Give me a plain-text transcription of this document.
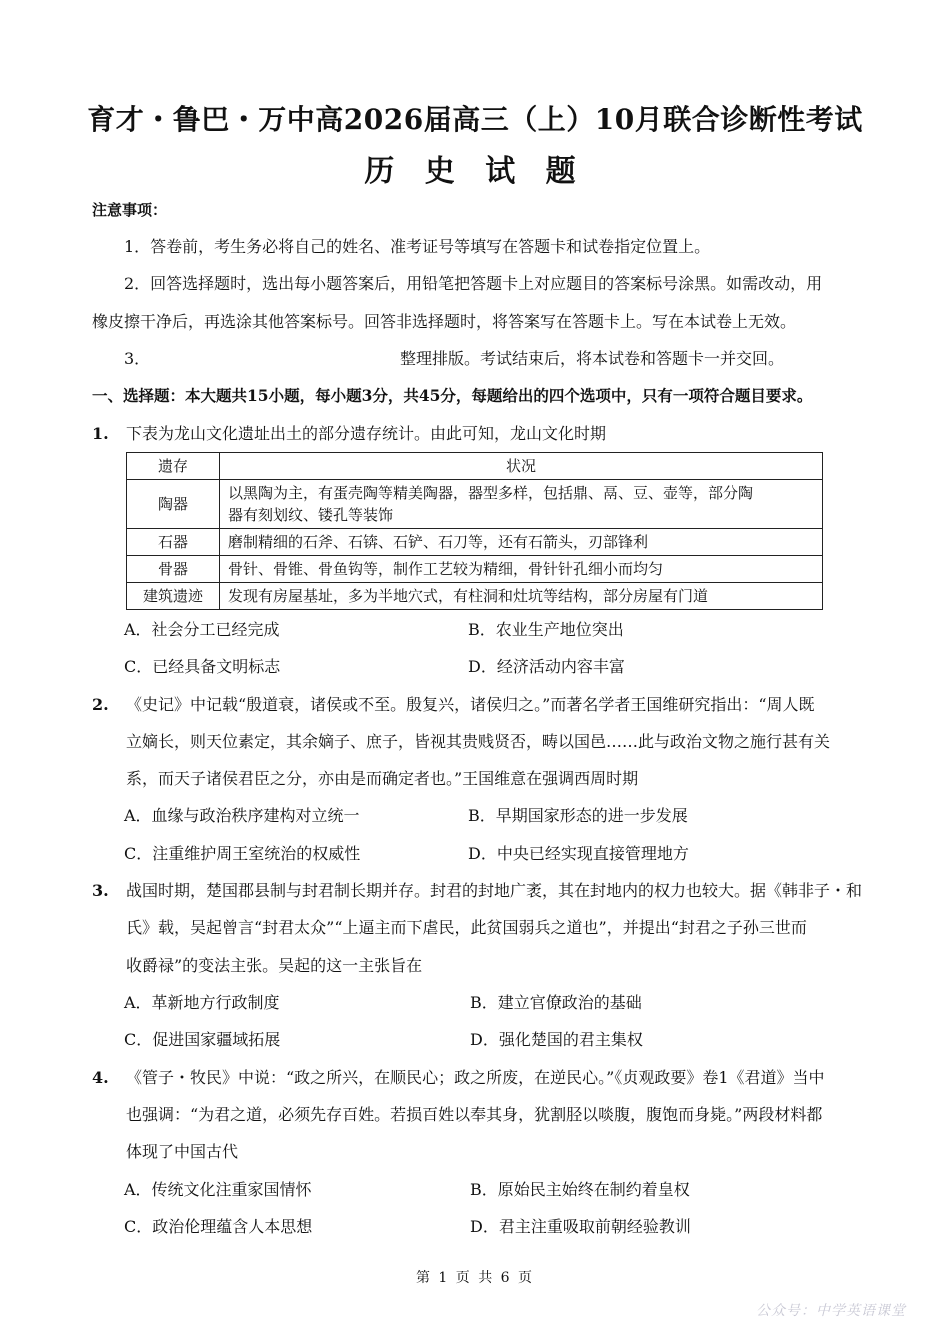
育才・鲁巴・万中高2026届高三（上）10月联合诊断性考试
历 史 试 题
注意事项：
1．答卷前，考生务必将自己的姓名、准考证号等填写在答题卡和试卷指定位置上。
2．回答选择题时，选出每小题答案后，用铅笔把答题卡上对应题目的答案标号涂黑。如需改动，用
橡皮擦干净后，再选涂其他答案标号。回答非选择题时，将答案写在答题卡上。写在本试卷上无效。
3．	整理排版。考试结束后，将本试卷和答题卡一并交回。
一、选择题：本大题共15小题，每小题3分，共45分，每题给出的四个选项中，只有一项符合题目要求。
1. 下表为龙山文化遗址出土的部分遗存统计。由此可知，龙山文化时期
遗存	状况
陶器	以黑陶为主，有蛋壳陶等精美陶器，器型多样，包括鼎、鬲、豆、壶等，部分陶
器有刻划纹、镂孔等装饰

石器	磨制精细的石斧、石锛、石铲、石刀等，还有石箭头，刃部锋利
骨器	骨针、骨锥、骨鱼钩等，制作工艺较为精细，骨针针孔细小而均匀
建筑遗迹	发现有房屋基址，多为半地穴式，有柱洞和灶坑等结构，部分房屋有门道
A．社会分工已经完成	B．农业生产地位突出
C．已经具备文明标志	D．经济活动内容丰富
2. 《史记》中记载“殷道衰，诸侯或不至。殷复兴，诸侯归之。”而著名学者王国维研究指出：“周人既
立嫡长，则天位素定，其余嫡子、庶子，皆视其贵贱贤否，畴以国邑……此与政治文物之施行甚有关
系，而天子诸侯君臣之分，亦由是而确定者也。”王国维意在强调西周时期
A．血缘与政治秩序建构对立统一	B．早期国家形态的进一步发展
C．注重维护周王室统治的权威性	D．中央已经实现直接管理地方
3. 战国时期，楚国郡县制与封君制长期并存。封君的封地广袤，其在封地内的权力也较大。据《韩非子・和
氏》载，吴起曾言“封君太众”“上逼主而下虐民，此贫国弱兵之道也”，并提出“封君之子孙三世而
收爵禄”的变法主张。吴起的这一主张旨在
A．革新地方行政制度	B．建立官僚政治的基础
C．促进国家疆域拓展	D．强化楚国的君主集权
4. 《管子・牧民》中说：“政之所兴，在顺民心；政之所废，在逆民心。”《贞观政要》卷1《君道》当中
也强调：“为君之道，必须先存百姓。若损百姓以奉其身，犹割胫以啖腹，腹饱而身毙。”两段材料都
体现了中国古代
A．传统文化注重家国情怀	B．原始民主始终在制约着皇权
C．政治伦理蕴含人本思想	D．君主注重吸取前朝经验教训
第 1 页 共 6 页
公众号：中学英语课堂
